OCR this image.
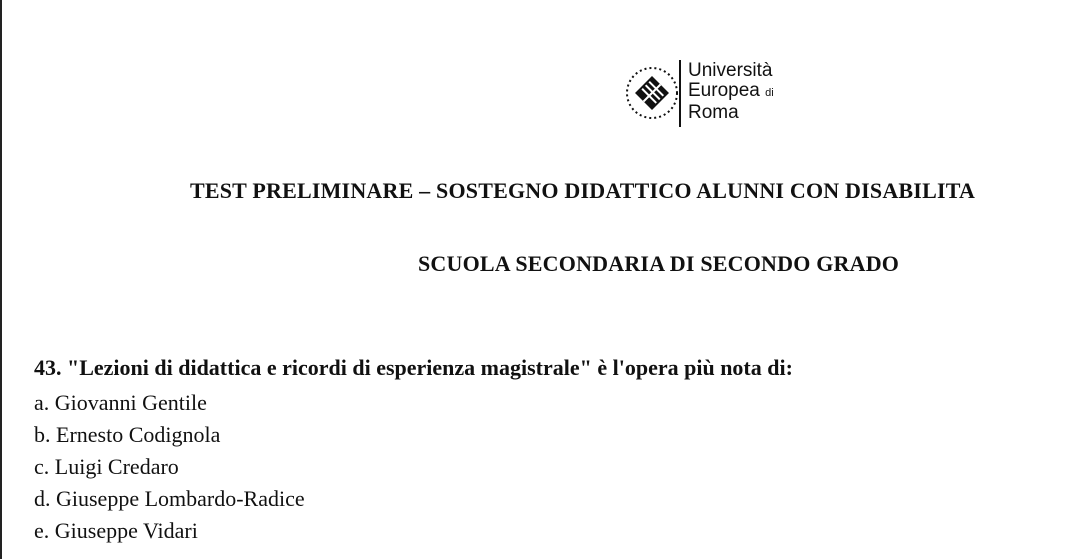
Università
Europea di
Roma
TEST PRELIMINARE – SOSTEGNO DIDATTICO ALUNNI CON DISABILITA
SCUOLA SECONDARIA DI SECONDO GRADO
43. "Lezioni di didattica e ricordi di esperienza magistrale" è l'opera più nota di:
a. Giovanni Gentile
b. Ernesto Codignola
c. Luigi Credaro
d. Giuseppe Lombardo-Radice
e. Giuseppe Vidari
